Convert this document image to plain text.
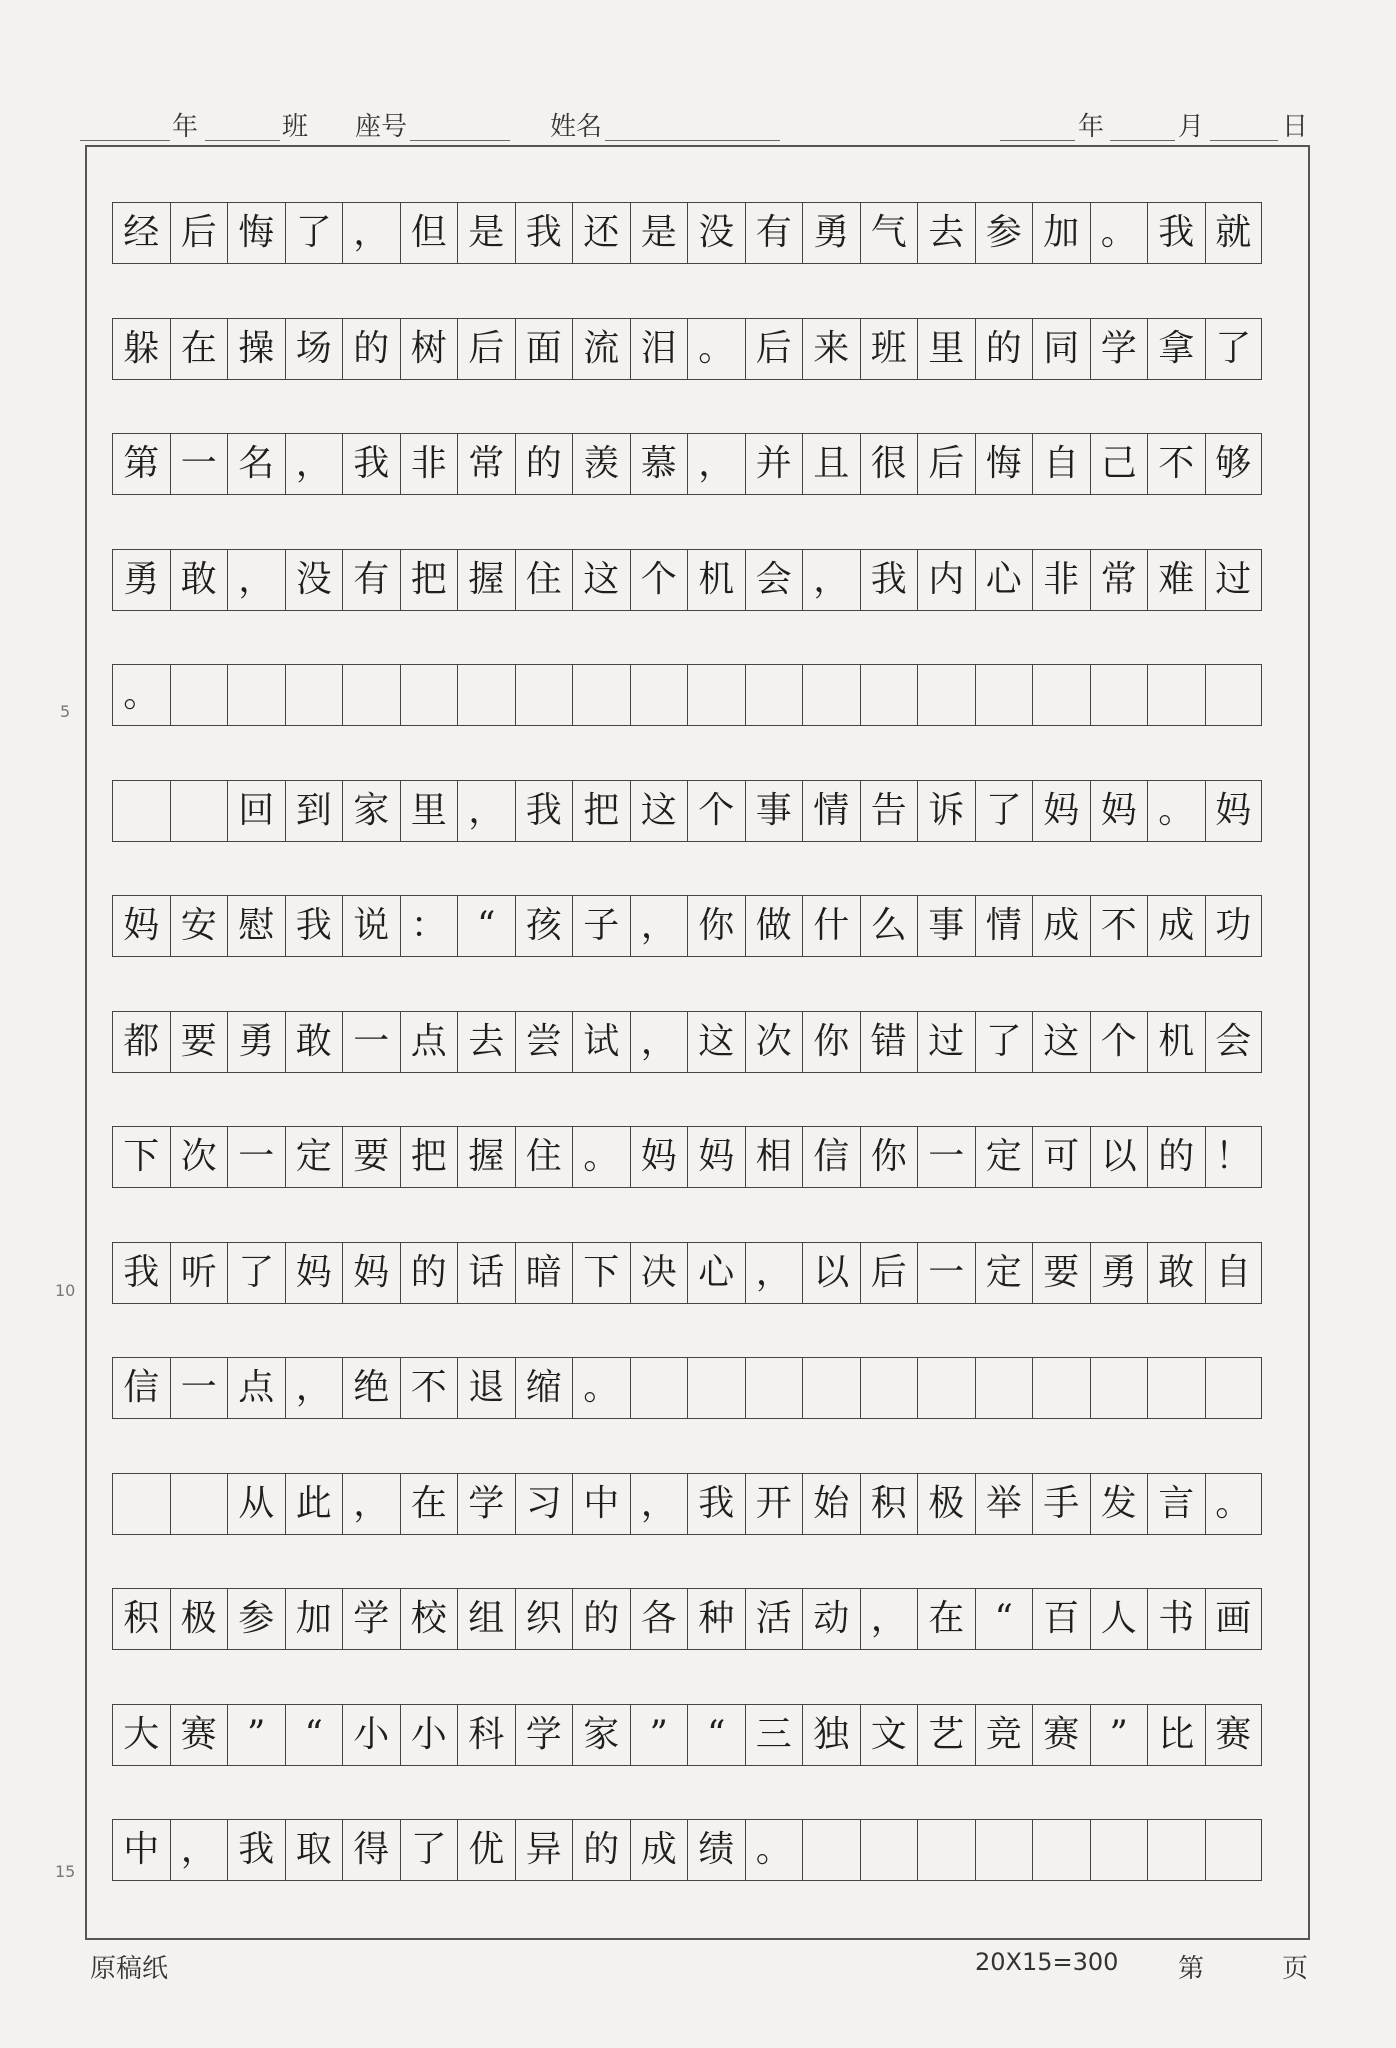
年	班 座号	姓名	年	月	日
经 后 悔 了 ， 但 是 我 还 是 没 有 勇 气 去 参 加 。 我 就
躲 在 操 场 的 树 后 面 流 泪 。 后 来 班 里 的 同 学 拿 了
第 一 名 ， 我 非 常 的 羡 慕 ， 并 且 很 后 悔 自 己 不 够
勇 敢 ， 没 有 把 握 住 这 个 机 会 ， 我 内 心 非 常 难 过
。
回 到 家 里 ， 我 把 这 个 事 情 告 诉 了 妈 妈 。 妈
妈 安 慰 我 说 ： “ 孩 子 ， 你 做 什 么 事 情 成 不 成 功
都 要 勇 敢 一 点 去 尝 试 ， 这 次 你 错 过 了 这 个 机 会
下 次 一 定 要 把 握 住 。 妈 妈 相 信 你 一 定 可 以 的 ！
我 听 了 妈 妈 的 话 暗 下 决 心 ， 以 后 一 定 要 勇 敢 自
信 一 点 ， 绝 不 退 缩 。
从 此 ， 在 学 习 中 ， 我 开 始 积 极 举 手 发 言 。
积 极 参 加 学 校 组 织 的 各 种 活 动 ， 在 “ 百 人 书 画
大 赛 ”	“ 小 小 科 学 家 ”	“ 三 独 文 艺 竞 赛 ” 比 赛
中 ， 我 取 得 了 优 异 的 成 绩 。
5
10
15
原稿纸	20X15=300 第	页
